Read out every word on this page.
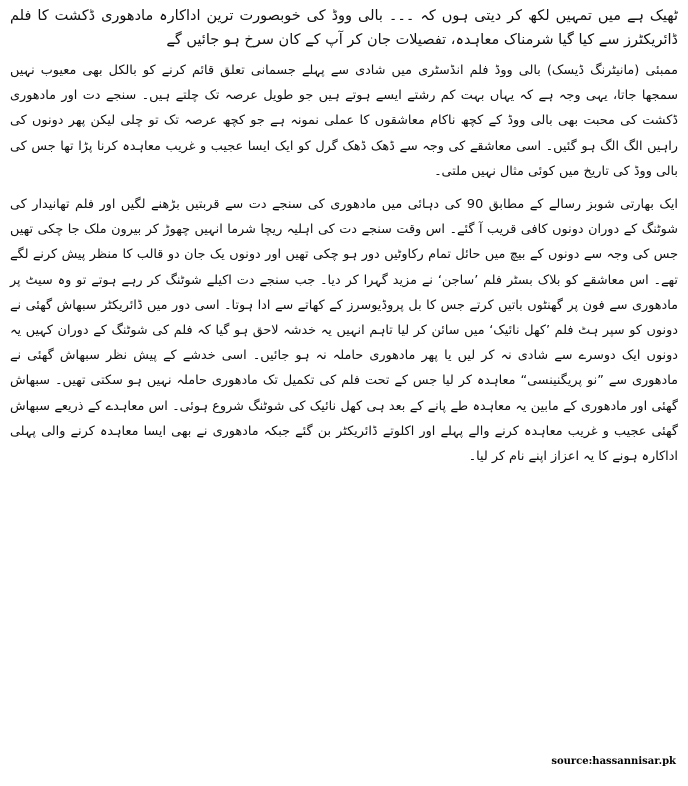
ٹھیک ہے میں تمہیں لکھ کر دیتی ہوں کہ ۔۔۔ بالی ووڈ کی خوبصورت ترین اداکارہ مادھوری ڈکشت کا فلم ڈائریکٹرز سے کیا گیا شرمناک معاہدہ، تفصیلات جان کر آپ کے کان سرخ ہو جائیں گے

ممبئی (مانیٹرنگ ڈیسک) بالی ووڈ فلم انڈسٹری میں شادی سے پہلے جسمانی تعلق قائم کرنے کو بالکل بھی معیوب نہیں سمجھا جاتا، یہی وجہ ہے کہ یہاں بہت کم رشتے ایسے ہوتے ہیں جو طویل عرصہ تک چلتے ہیں۔ سنجے دت اور مادھوری ڈکشت کی محبت بھی بالی ووڈ کے کچھ ناکام معاشقوں کا عملی نمونہ ہے جو کچھ عرصہ تک تو چلی لیکن پھر دونوں کی راہیں الگ الگ ہو گئیں۔ اسی معاشقے کی وجہ سے ڈھک ڈھک گرل کو ایک ایسا عجیب و غریب معاہدہ کرنا پڑا تھا جس کی بالی ووڈ کی تاریخ میں کوئی مثال نہیں ملتی۔

ایک بھارتی شوبز رسالے کے مطابق 90 کی دہائی میں مادھوری کی سنجے دت سے قربتیں بڑھنے لگیں اور فلم تھانیدار کی شوٹنگ کے دوران دونوں کافی قریب آ گئے۔ اس وقت سنجے دت کی اہلیہ ریچا شرما انہیں چھوڑ کر بیرون ملک جا چکی تھیں جس کی وجہ سے دونوں کے بیچ میں حائل تمام رکاوٹیں دور ہو چکی تھیں اور دونوں یک جان دو قالب کا منظر پیش کرنے لگے تھے۔ اس معاشقے کو بلاک بسٹر فلم ’ساجن‘ نے مزید گہرا کر دیا۔ جب سنجے دت اکیلے شوٹنگ کر رہے ہوتے تو وہ سیٹ پر مادھوری سے فون پر گھنٹوں باتیں کرتے جس کا بل پروڈیوسرز کے کھاتے سے ادا ہوتا۔ اسی دور میں ڈائریکٹر سبھاش گھئی نے دونوں کو سپر ہٹ فلم ’کھل نائیک‘ میں سائن کر لیا تاہم انہیں یہ خدشہ لاحق ہو گیا کہ فلم کی شوٹنگ کے دوران کہیں یہ دونوں ایک دوسرے سے شادی نہ کر لیں یا پھر مادھوری حاملہ نہ ہو جائیں۔ اسی خدشے کے پیش نظر سبھاش گھئی نے مادھوری سے ”نو پریگنینسی“ معاہدہ کر لیا جس کے تحت فلم کی تکمیل تک مادھوری حاملہ نہیں ہو سکتی تھیں۔ سبھاش گھئی اور مادھوری کے مابین یہ معاہدہ طے پانے کے بعد ہی کھل نائیک کی شوٹنگ شروع ہوئی۔ اس معاہدے کے ذریعے سبھاش گھئی عجیب و غریب معاہدہ کرنے والے پہلے اور اکلوتے ڈائریکٹر بن گئے جبکہ مادھوری نے بھی ایسا معاہدہ کرنے والی پہلی اداکارہ ہونے کا یہ اعزاز اپنے نام کر لیا۔

source:hassannisar.pk
